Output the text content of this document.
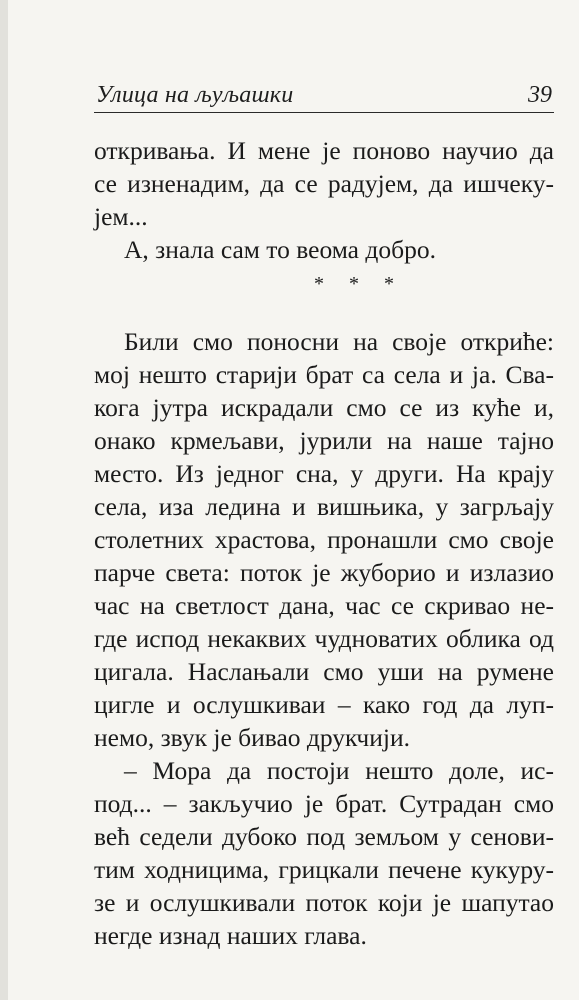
Улица на љуљашки	39
откривања. И мене је поново научио да
се изненадим, да се радујем, да ишчеку-
јем...
А, знала сам то веома добро.
* * *
Били смо поносни на своје откриће:
мој нешто старији брат са села и ја. Сва-
кога јутра искрадали смо се из куће и,
онако крмељави, јурили на наше тајно
место. Из једног сна, у други. На крају
села, иза ледина и вишњика, у загрљају
столетних храстова, пронашли смо своје
парче света: поток је жуборио и излазио
час на светлост дана, час се скривао не-
где испод некаквих чудноватих облика од
цигала. Наслањали смо уши на румене
цигле и ослушкиваи – како год да луп-
немо, звук је бивао друкчији.
– Мора да постоји нешто доле, ис-
под... – закључио је брат. Сутрадан смо
већ седели дубоко под земљом у сенови-
тим ходницима, грицкали печене кукуру-
зе и ослушкивали поток који је шапутао
негде изнад наших глава.
